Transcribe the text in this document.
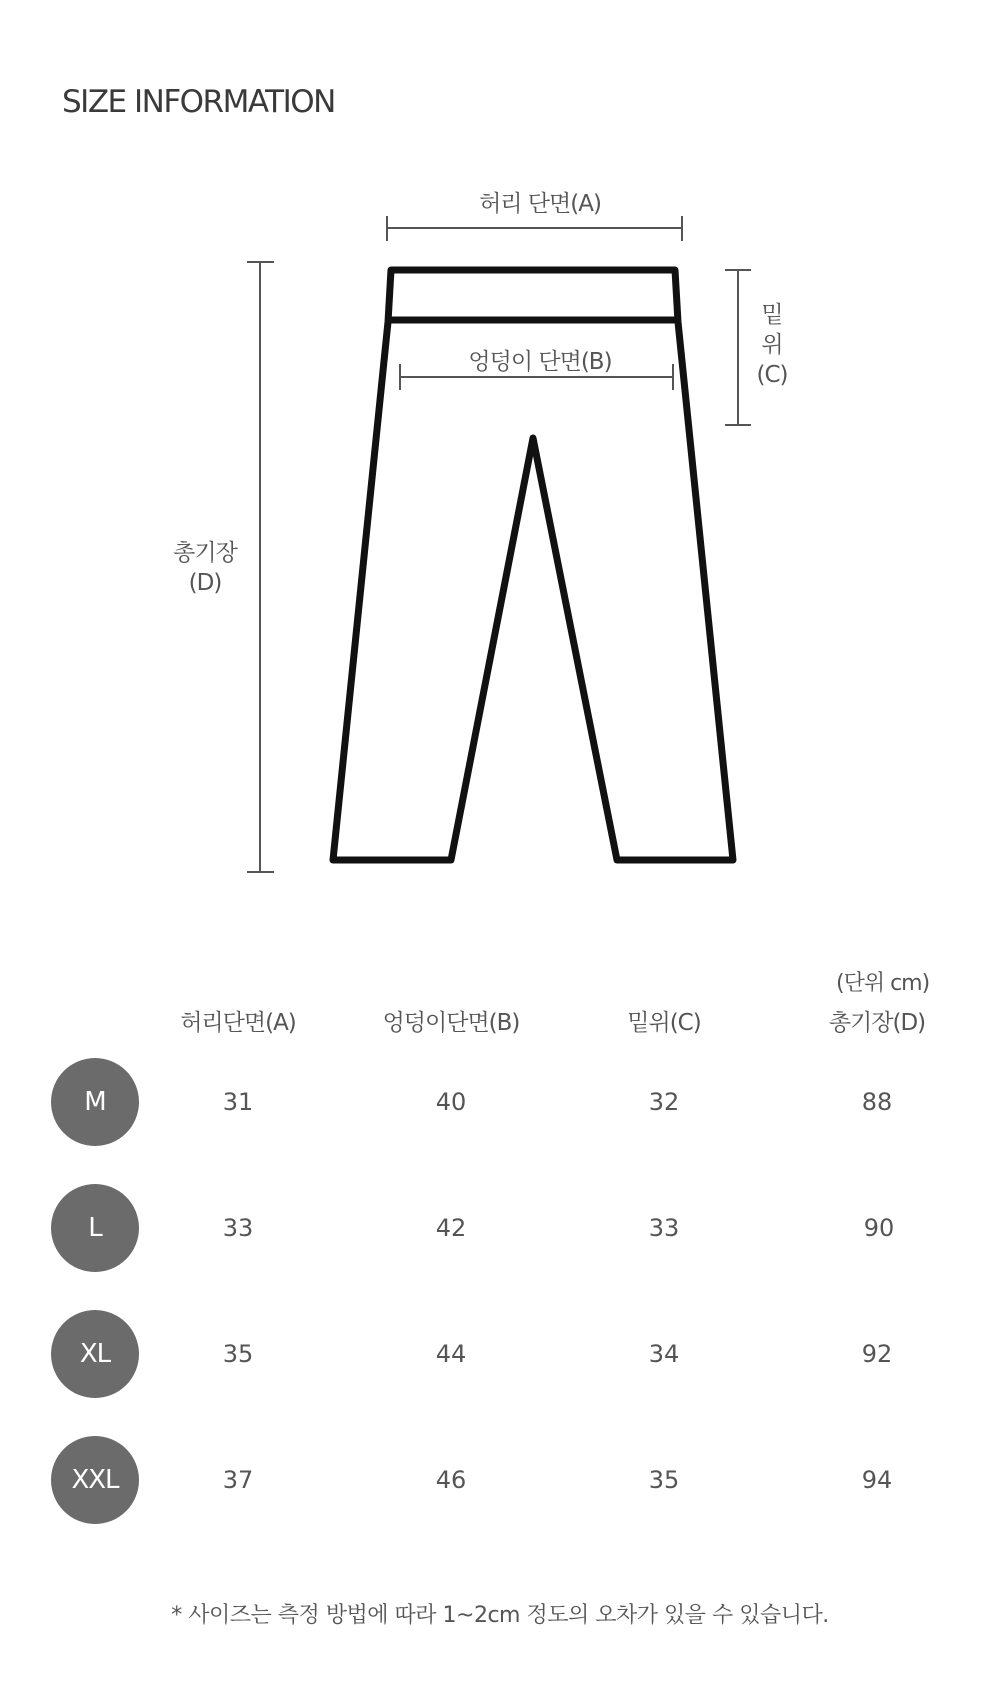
SIZE INFORMATION
허리 단면(A)
엉덩이 단면(B)
밑
위
(C)
총기장
(D)
(단위 cm)
허리단면(A)	엉덩이단면(B)	밑위(C)	총기장(D)
M	31	40	32	88
L	33	42	33	90
XL	35	44	34	92
XXL	37	46	35	94
* 사이즈는 측정 방법에 따라 1~2cm 정도의 오차가 있을 수 있습니다.
